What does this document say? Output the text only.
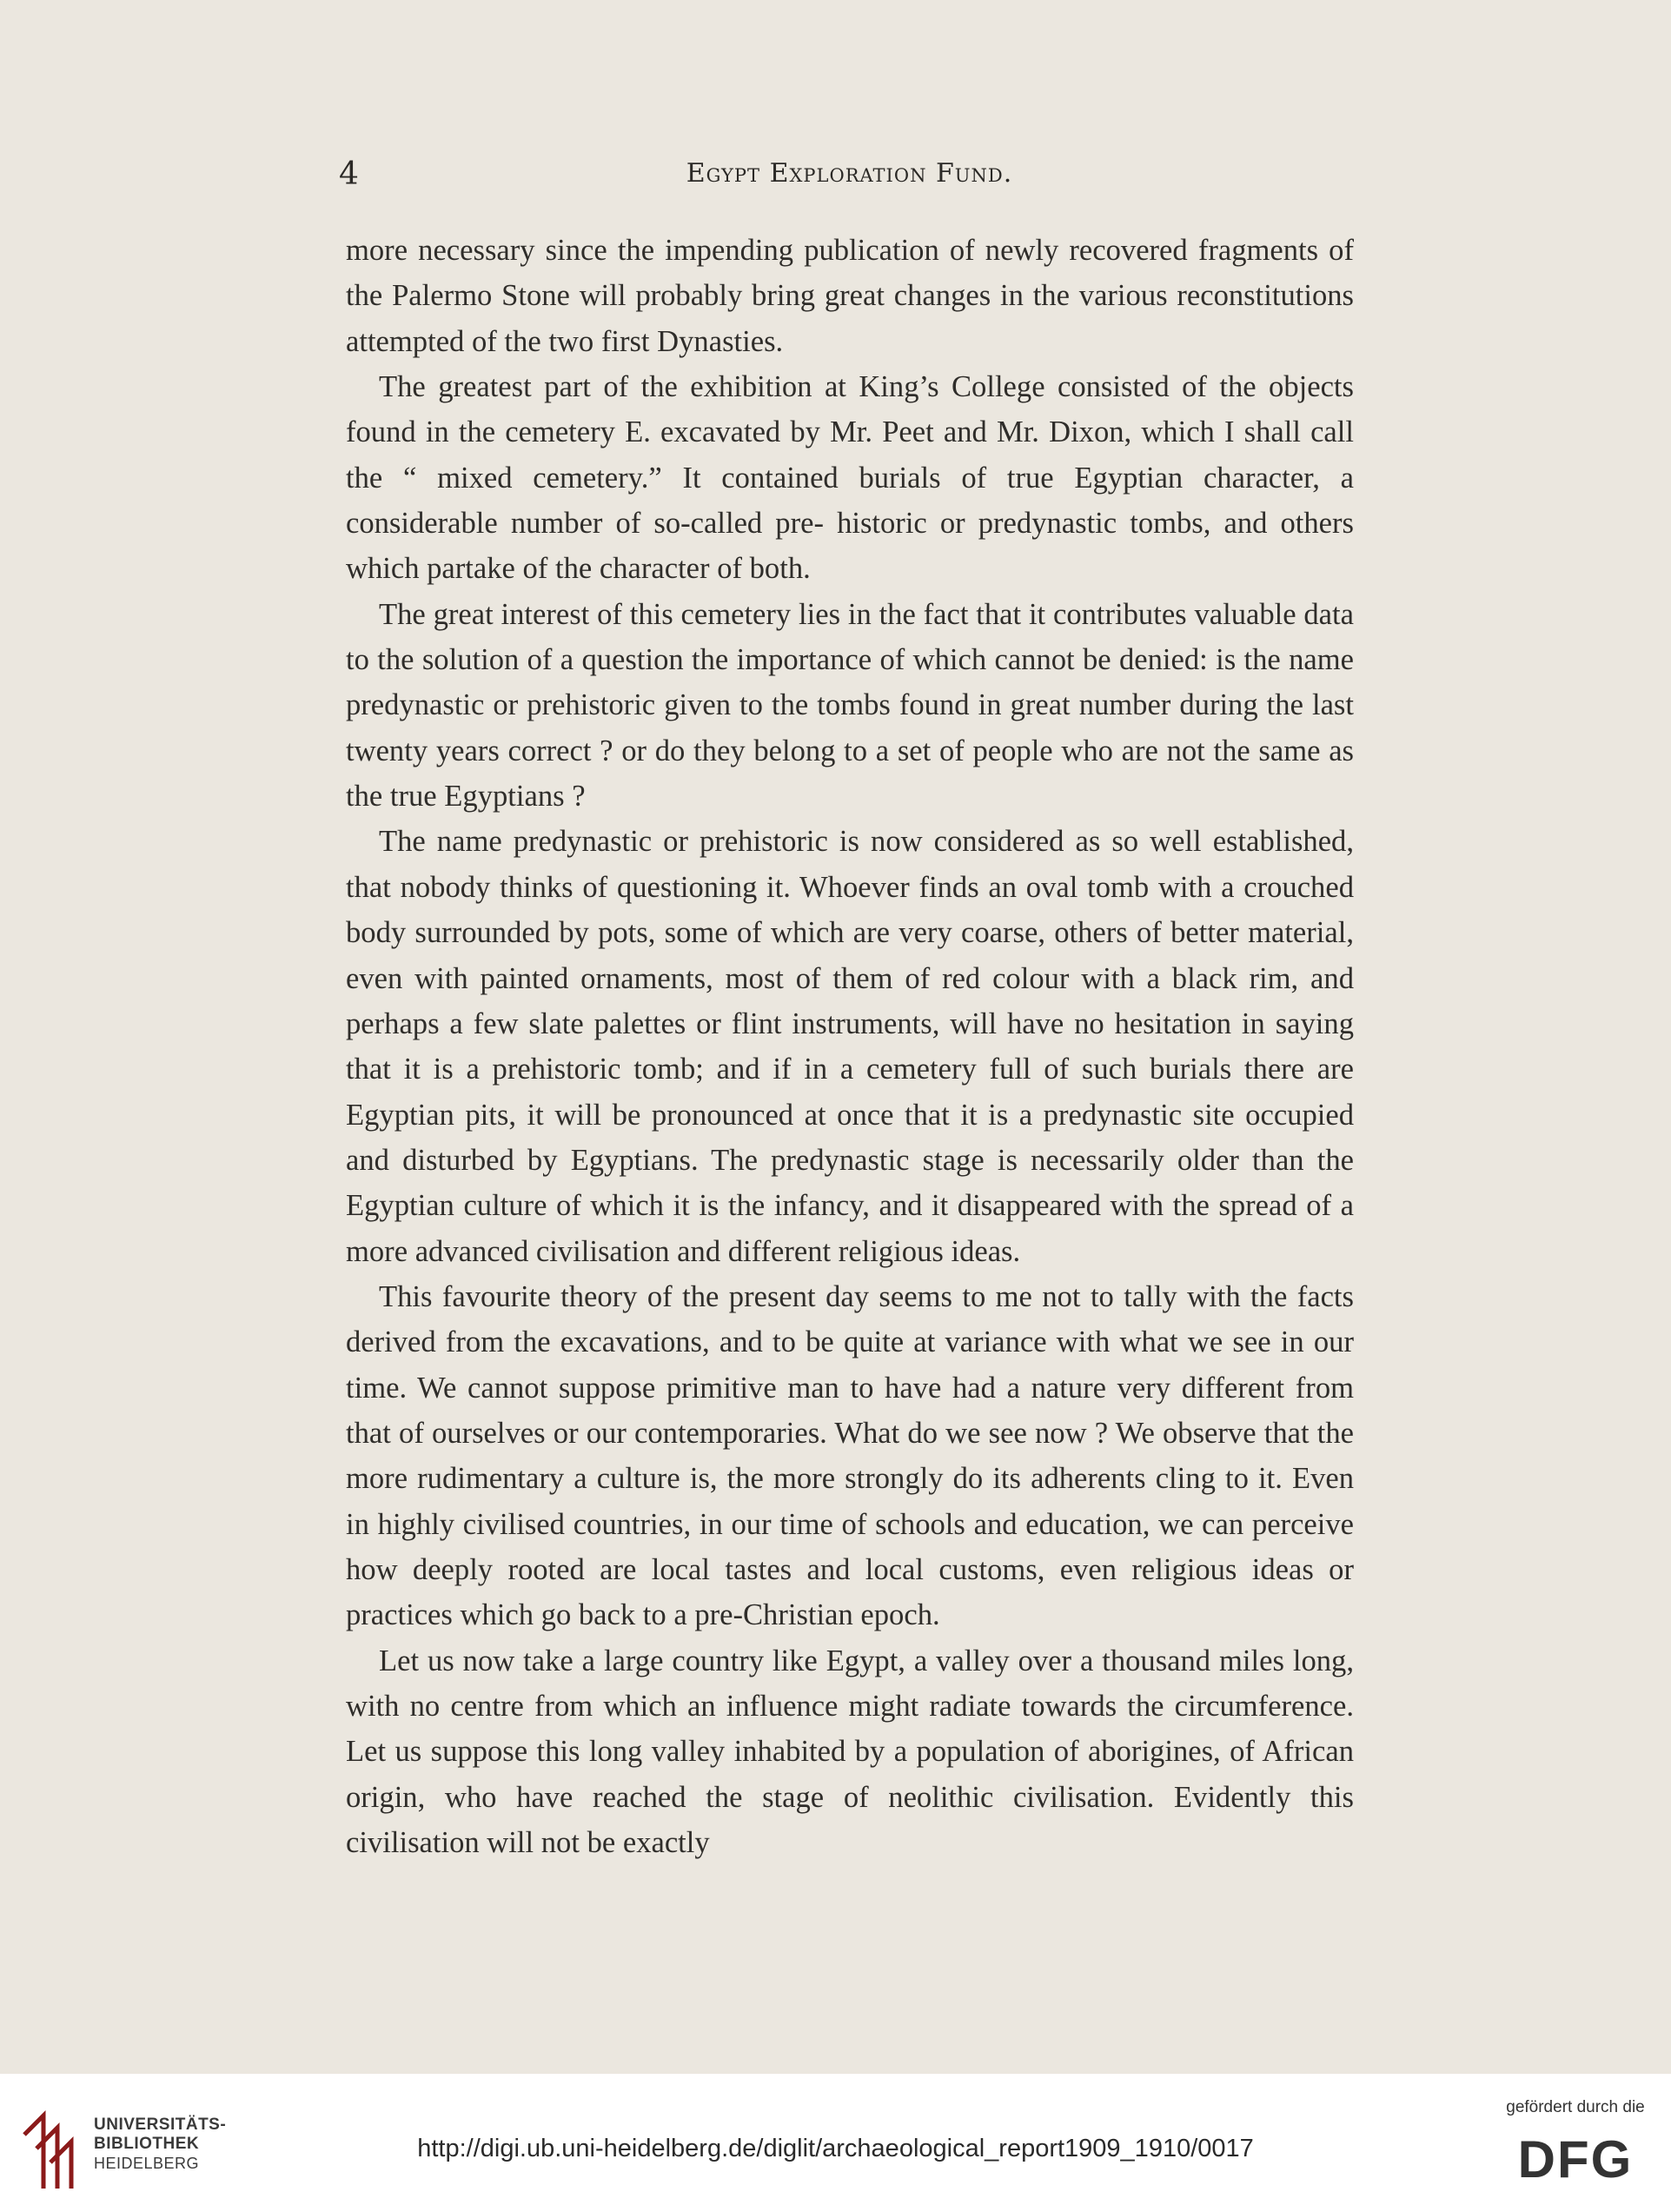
4	Egypt Exploration Fund.

more necessary since the impending publication of newly recovered fragments of the Palermo Stone will probably bring great changes in the various reconstitutions attempted of the two first Dynasties.

The greatest part of the exhibition at King’s College consisted of the objects found in the cemetery E. excavated by Mr. Peet and Mr. Dixon, which I shall call the “ mixed cemetery.” It contained burials of true Egyptian character, a considerable number of so-called pre- historic or predynastic tombs, and others which partake of the character of both.

The great interest of this cemetery lies in the fact that it contributes valuable data to the solution of a question the importance of which cannot be denied: is the name predynastic or prehistoric given to the tombs found in great number during the last twenty years correct ? or do they belong to a set of people who are not the same as the true Egyptians ?

The name predynastic or prehistoric is now considered as so well established, that nobody thinks of questioning it. Whoever finds an oval tomb with a crouched body surrounded by pots, some of which are very coarse, others of better material, even with painted ornaments, most of them of red colour with a black rim, and perhaps a few slate palettes or flint instruments, will have no hesitation in saying that it is a prehistoric tomb; and if in a cemetery full of such burials there are Egyptian pits, it will be pronounced at once that it is a predynastic site occupied and disturbed by Egyptians. The predynastic stage is necessarily older than the Egyptian culture of which it is the infancy, and it disappeared with the spread of a more advanced civilisation and different religious ideas.

This favourite theory of the present day seems to me not to tally with the facts derived from the excavations, and to be quite at variance with what we see in our time. We cannot suppose primitive man to have had a nature very different from that of ourselves or our contemporaries. What do we see now ? We observe that the more rudimentary a culture is, the more strongly do its adherents cling to it. Even in highly civilised countries, in our time of schools and education, we can perceive how deeply rooted are local tastes and local customs, even religious ideas or practices which go back to a pre-Christian epoch.

Let us now take a large country like Egypt, a valley over a thousand miles long, with no centre from which an influence might radiate towards the circumference. Let us suppose this long valley inhabited by a population of aborigines, of African origin, who have reached the stage of neolithic civilisation. Evidently this civilisation will not be exactly

UNIVERSITÄTS-
BIBLIOTHEK
HEIDELBERG
http://digi.ub.uni-heidelberg.de/diglit/archaeological_report1909_1910/0017
gefördert durch die
DFG
